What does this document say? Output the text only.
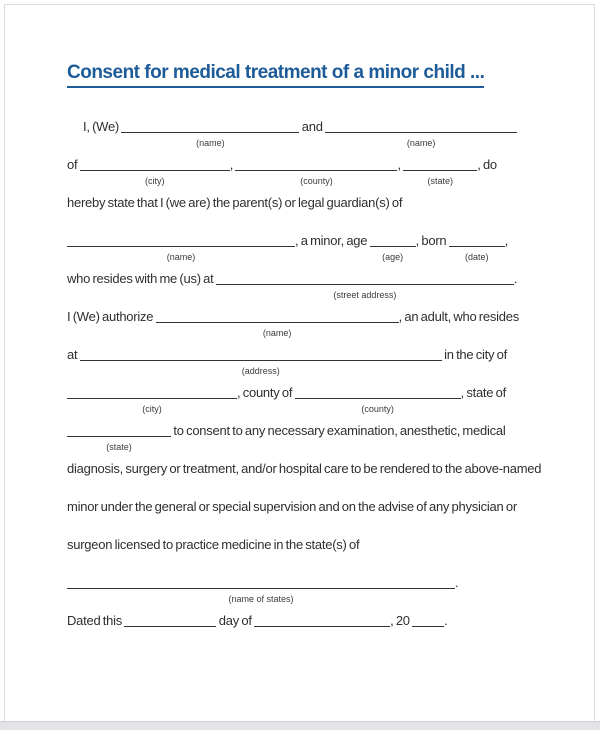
Consent for medical treatment of a minor child ...
I, (We)
(name)
and
(name)
of
(city)
,
(county)
,
(state)
, do
hereby state that I (we are) the parent(s) or legal guardian(s) of
(name)
, a minor, age
(age)
, born
(date)
,
who resides with me (us) at
(street address)
.
I (We) authorize
(name)
, an adult, who resides
at
(address)
in the city of
(city)
, county of
(county)
, state of
(state)
to consent to any necessary examination, anesthetic, medical
diagnosis, surgery or treatment, and/or hospital care to be rendered to the above-named
minor under the general or special supervision and on the advise of any physician or
surgeon licensed to practice medicine in the state(s) of
(name of states)
.
Dated this	day of	, 20	.
